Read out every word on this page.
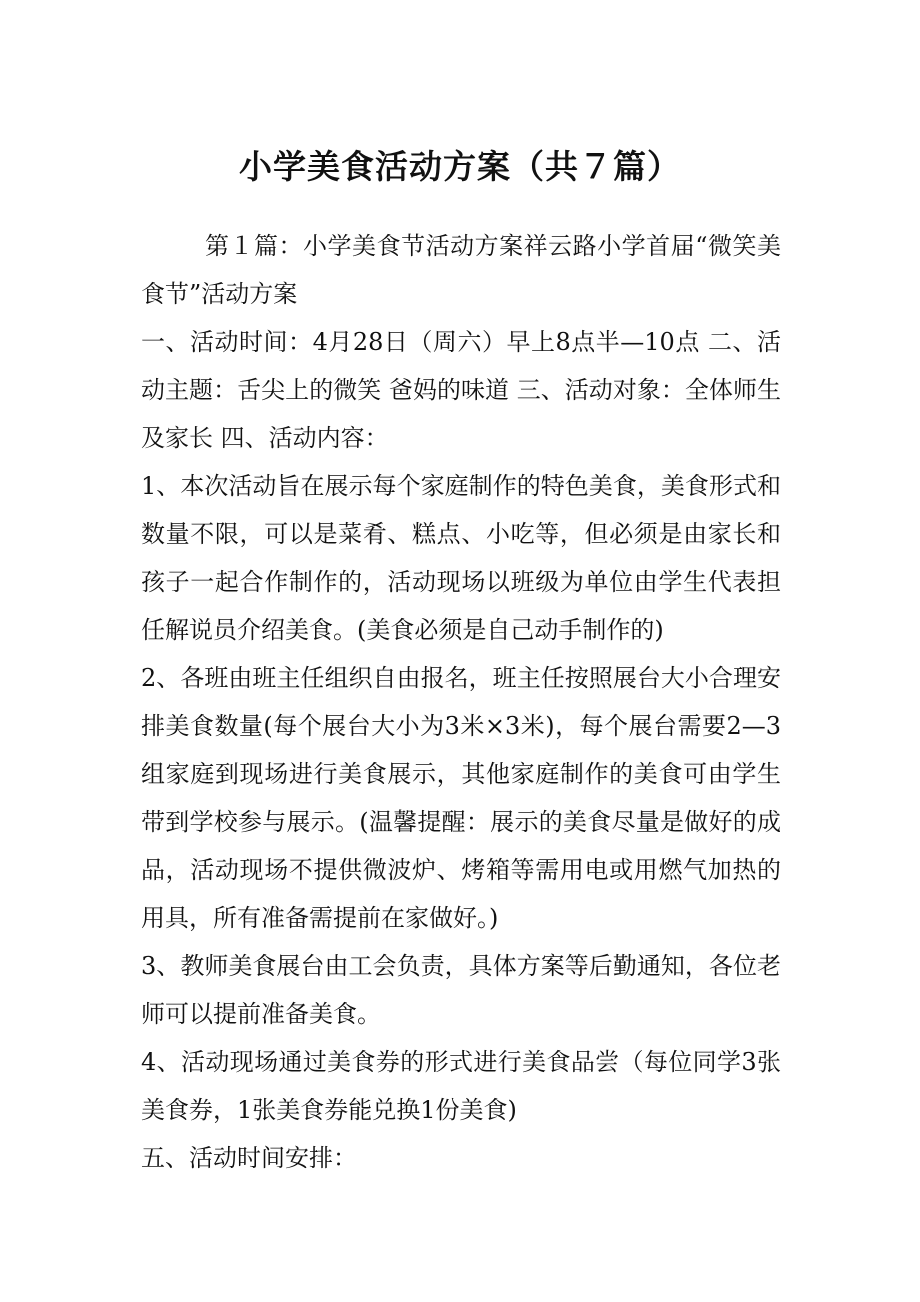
小学美食活动方案（共７篇）

第１篇：小学美食节活动方案祥云路小学首届“微笑美食节”活动方案

一、活动时间：4月28日（周六）早上8点半—10点 二、活动主题：舌尖上的微笑 爸妈的味道 三、活动对象：全体师生及家长 四、活动内容：

1、本次活动旨在展示每个家庭制作的特色美食，美食形式和数量不限，可以是菜肴、糕点、小吃等，但必须是由家长和孩子一起合作制作的，活动现场以班级为单位由学生代表担任解说员介绍美食。(美食必须是自己动手制作的)

2、各班由班主任组织自由报名，班主任按照展台大小合理安排美食数量(每个展台大小为3米×3米)，每个展台需要2—3组家庭到现场进行美食展示，其他家庭制作的美食可由学生带到学校参与展示。(温馨提醒：展示的美食尽量是做好的成品，活动现场不提供微波炉、烤箱等需用电或用燃气加热的用具，所有准备需提前在家做好。)

3、教师美食展台由工会负责，具体方案等后勤通知，各位老师可以提前准备美食。

4、活动现场通过美食券的形式进行美食品尝（每位同学3张美食券，1张美食券能兑换1份美食)

五、活动时间安排：
